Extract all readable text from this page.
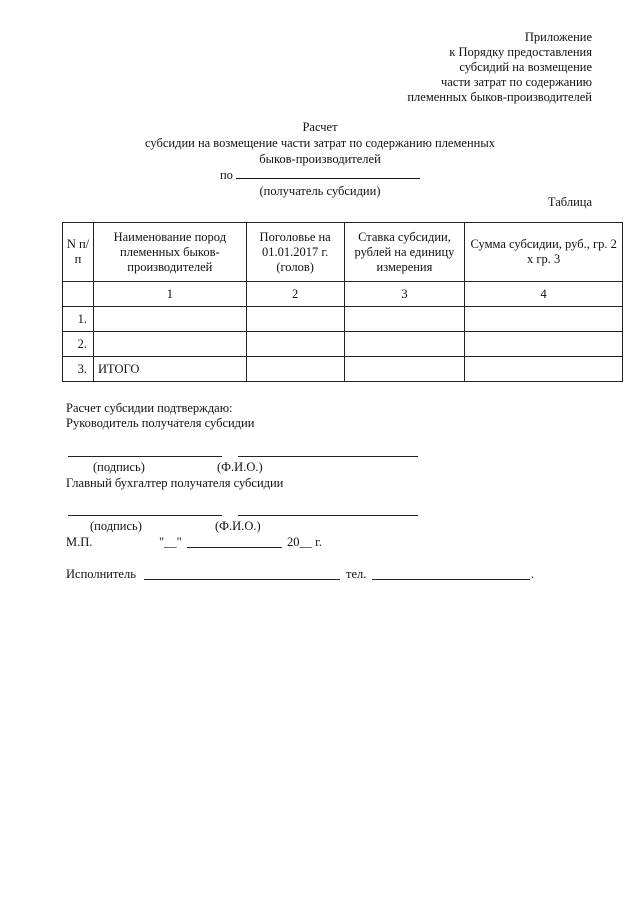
Приложение
к Порядку предоставления
субсидий на возмещение
части затрат по содержанию
племенных быков-производителей
Расчет
субсидии на возмещение части затрат по содержанию племенных
быков-производителей
по
(получатель субсидии)
Таблица
N п/п	Наименование пород племенных быков-производителей	Поголовье на 01.01.2017 г. (голов)	Ставка субсидии, рублей на единицу измерения	Сумма субсидии, руб., гр. 2 x гр. 3
	1	2	3	4
1.				
2.				
3.	ИТОГО			
Расчет субсидии подтверждаю:
Руководитель получателя субсидии
(подпись)	(Ф.И.О.)
Главный бухгалтер получателя субсидии
(подпись)	(Ф.И.О.)
М.П.	"__"	20__ г.
Исполнитель	тел.	.
